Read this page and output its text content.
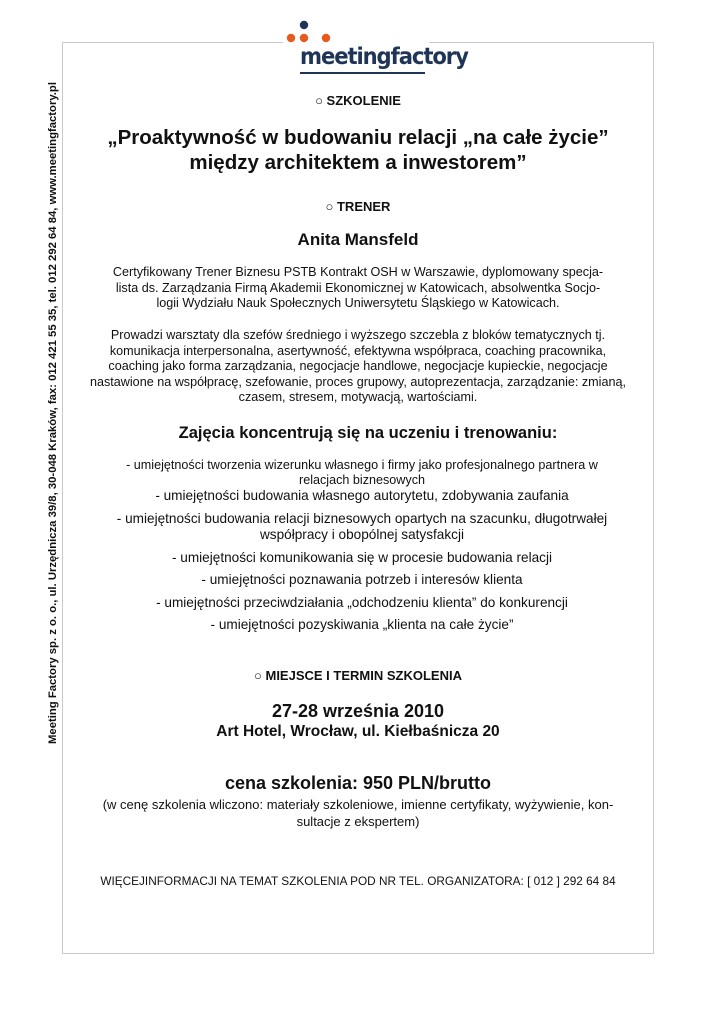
Meeting Factory sp. z o. o., ul. Urzędnicza 39/8, 30-048 Kraków, fax: 012 421 55 35, tel. 012 292 64 84, www.meetingfactory.pl
meetingfactory

○ SZKOLENIE

„Proaktywność w budowaniu relacji „na całe życie”
między architektem a inwestorem”

○ TRENER

Anita Mansfeld

Certyfikowany Trener Biznesu PSTB Kontrakt OSH w Warszawie, dyplomowany specja-
lista ds. Zarządzania Firmą Akademii Ekonomicznej w Katowicach, absolwentka Socjo-
logii Wydziału Nauk Społecznych Uniwersytetu Śląskiego w Katowicach.
Prowadzi warsztaty dla szefów średniego i wyższego szczebla z bloków tematycznych tj.
komunikacja interpersonalna, asertywność, efektywna współpraca, coaching pracownika,
coaching jako forma zarządzania, negocjacje handlowe, negocjacje kupieckie, negocjacje
nastawione na współpracę, szefowanie, proces grupowy, autoprezentacja, zarządzanie: zmianą,
czasem, stresem, motywacją, wartościami.

Zajęcia koncentrują się na uczeniu i trenowaniu:

- umiejętności tworzenia wizerunku własnego i firmy jako profesjonalnego partnera w
relacjach biznesowych
- umiejętności budowania własnego autorytetu, zdobywania zaufania
- umiejętności budowania relacji biznesowych opartych na szacunku, długotrwałej
współpracy i obopólnej satysfakcji
- umiejętności komunikowania się w procesie budowania relacji
- umiejętności poznawania potrzeb i interesów klienta
- umiejętności przeciwdziałania „odchodzeniu klienta” do konkurencji
- umiejętności pozyskiwania „klienta na całe życie”

○ MIEJSCE I TERMIN SZKOLENIA

27-28 września 2010

Art Hotel, Wrocław, ul. Kiełbaśnicza 20

cena szkolenia: 950 PLN/brutto

(w cenę szkolenia wliczono: materiały szkoleniowe, imienne certyfikaty, wyżywienie, kon-
sultacje z ekspertem)

WIĘCEJINFORMACJI NA TEMAT SZKOLENIA POD NR TEL. ORGANIZATORA: [ 012 ] 292 64 84
